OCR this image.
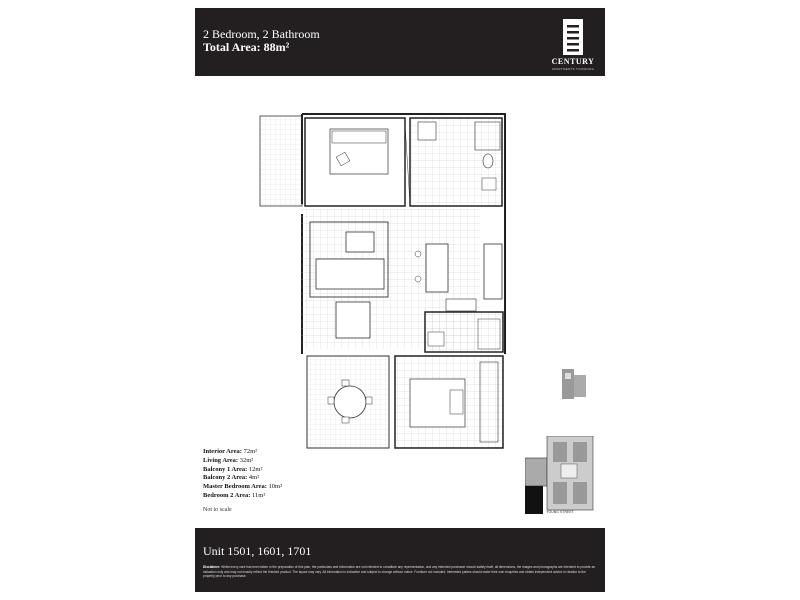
2 Bedroom, 2 Bathroom
Total Area: 88m²
CENTURY
APARTMENTS TOOWONG
Interior Area: 72m²
Living Area: 32m²
Balcony 1 Area: 12m²
Balcony 2 Area: 4m²
Master Bedroom Area: 10m²
Bedroom 2 Area: 11m²
Not to scale	YOUNG STREET
Unit 1501, 1601, 1701
Disclaimer: Whilst every care has been taken in the preparation of this plan, the particulars and information are not intended to constitute any representation, and any intended purchaser should satisfy itself, all dimensions, the images and photographs are intended to provide an indication only and may not exactly reflect the finished product. The layout may vary. All information is indicative and subject to change without notice. Furniture not included. Interested parties should make their own enquiries and obtain independent advice in relation to the property prior to any purchase.
